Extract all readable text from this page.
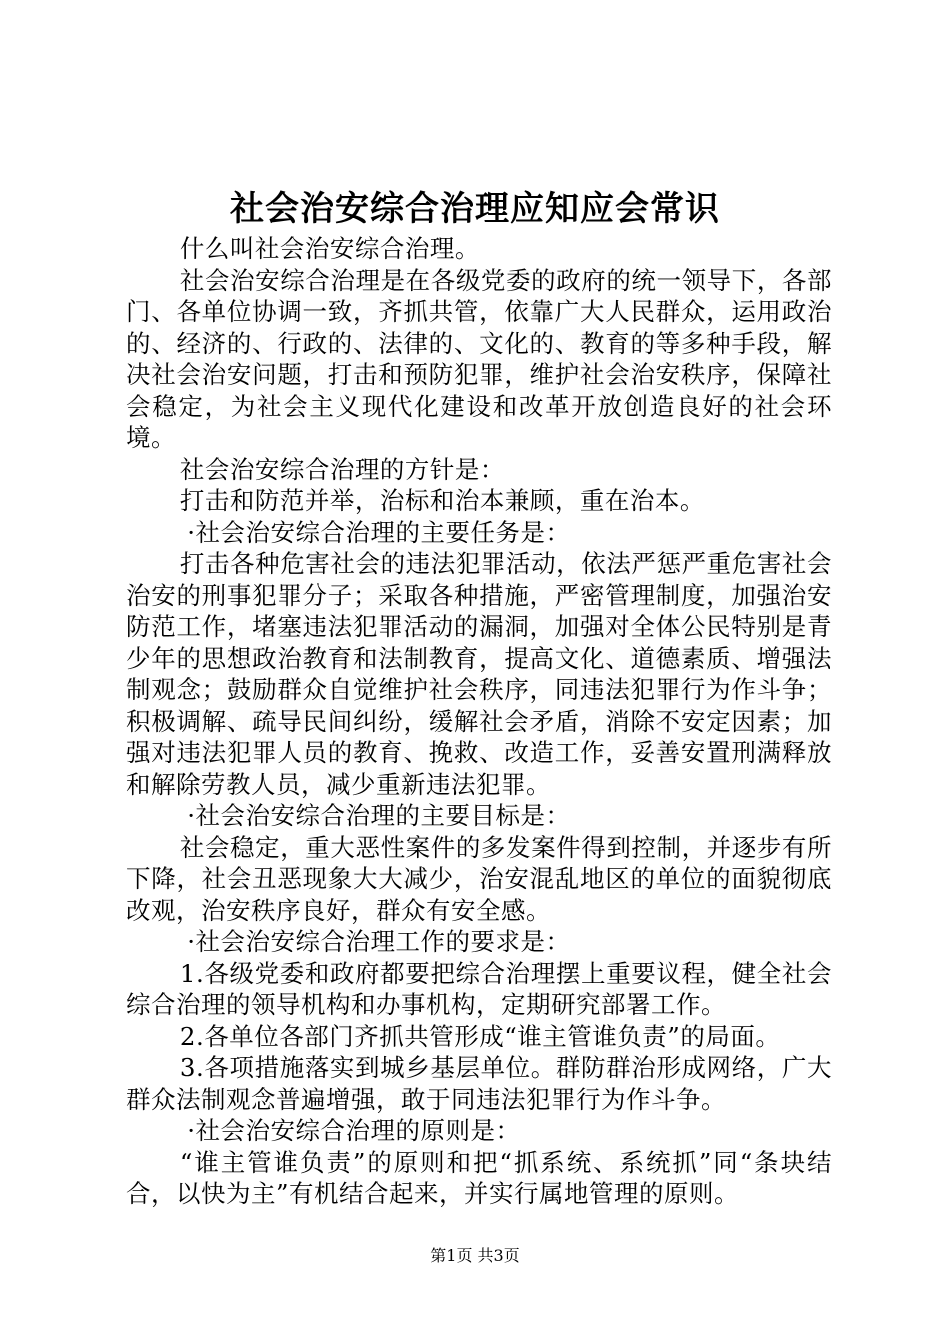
社会治安综合治理应知应会常识

什么叫社会治安综合治理。

社会治安综合治理是在各级党委的政府的统一领导下，各部门、各单位协调一致，齐抓共管，依靠广大人民群众，运用政治的、经济的、行政的、法律的、文化的、教育的等多种手段，解决社会治安问题，打击和预防犯罪，维护社会治安秩序，保障社会稳定，为社会主义现代化建设和改革开放创造良好的社会环境。

社会治安综合治理的方针是：

打击和防范并举，治标和治本兼顾，重在治本。

·社会治安综合治理的主要任务是：

打击各种危害社会的违法犯罪活动，依法严惩严重危害社会治安的刑事犯罪分子；采取各种措施，严密管理制度，加强治安防范工作，堵塞违法犯罪活动的漏洞，加强对全体公民特别是青少年的思想政治教育和法制教育，提高文化、道德素质、增强法制观念；鼓励群众自觉维护社会秩序，同违法犯罪行为作斗争；积极调解、疏导民间纠纷，缓解社会矛盾，消除不安定因素；加强对违法犯罪人员的教育、挽救、改造工作，妥善安置刑满释放和解除劳教人员，减少重新违法犯罪。

·社会治安综合治理的主要目标是：

社会稳定，重大恶性案件的多发案件得到控制，并逐步有所下降，社会丑恶现象大大减少，治安混乱地区的单位的面貌彻底改观，治安秩序良好，群众有安全感。

·社会治安综合治理工作的要求是：

1.各级党委和政府都要把综合治理摆上重要议程，健全社会综合治理的领导机构和办事机构，定期研究部署工作。

2.各单位各部门齐抓共管形成“谁主管谁负责”的局面。

3.各项措施落实到城乡基层单位。群防群治形成网络，广大群众法制观念普遍增强，敢于同违法犯罪行为作斗争。

·社会治安综合治理的原则是：

“谁主管谁负责”的原则和把“抓系统、系统抓”同“条块结合，以快为主”有机结合起来，并实行属地管理的原则。

第1页 共3页
